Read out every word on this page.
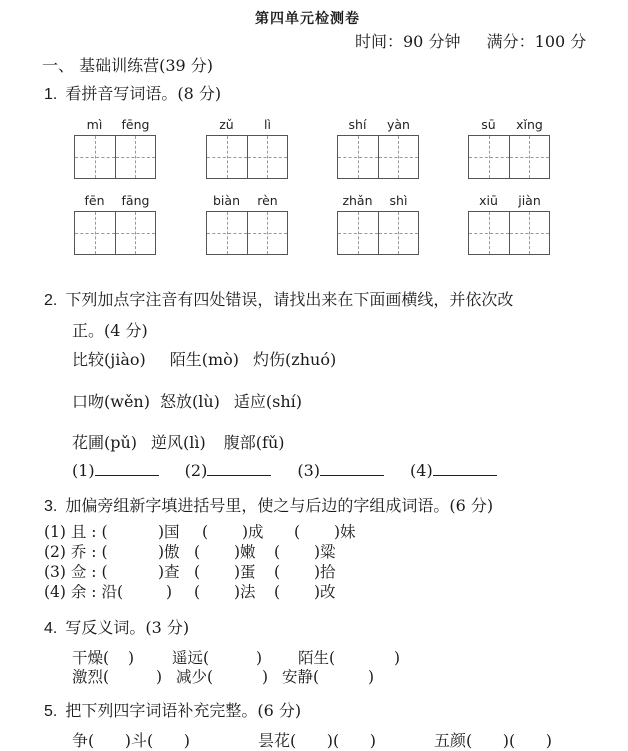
第四单元检测卷
时间：90 分钟 满分：100 分
一、 基础训练营(39 分)
1. 看拼音写词语。(8 分)
mì	fēng	zǔ	lì	shí	yàn	sū	xǐng
fēn	fāng	biàn	rèn	zhǎn	shì	xiū	jiàn
2. 下列加点字注音有四处错误，请找出来在下面画横线，并依次改
正。(4 分)
比较(jiào) 陌生(mò) 灼伤(zhuó)
口吻(wěn) 怒放(lù) 适应(shí)
花圃(pǔ) 逆风(lì) 腹部(fǔ)
(1)	(2)	(3)	(4)
3. 加偏旁组新字填进括号里，使之与后边的字组成词语。(6 分)
(1) 且 : (	)国 ( )成 ( )妹
(2) 乔 : (	)傲 ( )嫩 ( )粱
(3) 佥 : (	)查 ( )蛋 ( )拾
(4) 余 : 沿(	) ( )法 ( )改
4. 写反义词。(3 分)
干燥( ) 遥远(	) 陌生(	)
激烈(	) 减少(	) 安静(	)
5. 把下列四字词语补充完整。(6 分)
争(      )斗(      )	昙花(      )(      )	五颜(      )(      )
